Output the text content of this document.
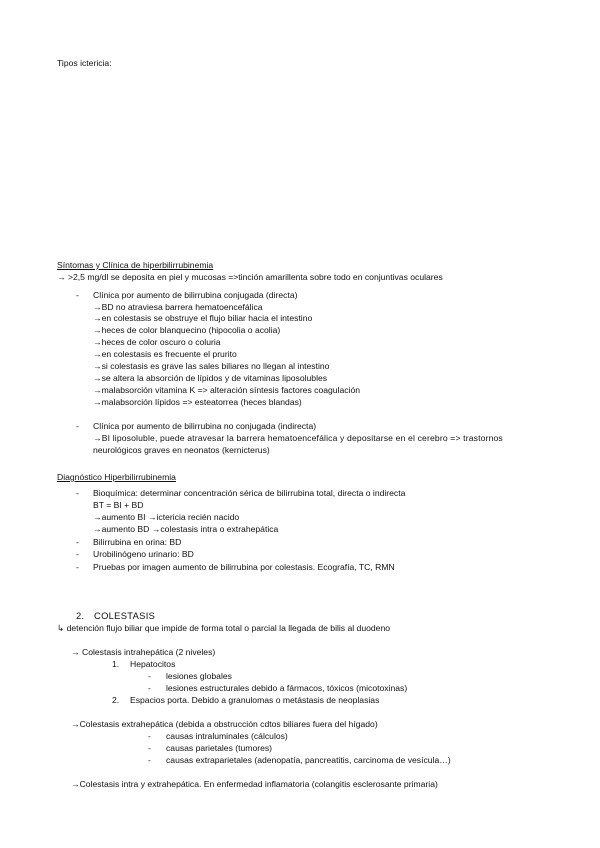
Tipos ictericia:
Síntomas y Clínica de hiperbilirrubinemia
→ >2,5 mg/dl se deposita en piel y mucosas =>tinción amarillenta sobre todo en conjuntivas oculares
- Clínica por aumento de bilirrubina conjugada (directa)
→BD no atraviesa barrera hematoencefálica
→en colestasis se obstruye el flujo biliar hacia el intestino
→heces de color blanquecino (hipocolia o acolia)
→heces de color oscuro o coluria
→en colestasis es frecuente el prurito
→si colestasis es grave las sales biliares no llegan al intestino
→se altera la absorción de lípidos y de vitaminas liposolubles
→malabsorción vitamina K => alteración síntesis factores coagulación
→malabsorción lípidos => esteatorrea (heces blandas)
- Clínica por aumento de bilirrubina no conjugada (indirecta)
→BI liposoluble, puede atravesar la barrera hematoencefálica y depositarse en el cerebro => trastornos
neurológicos graves en neonatos (kernicterus)
Diagnóstico Hiperbilirrubinemia
- Bioquímica: determinar concentración sérica de bilirrubina total, directa o indirecta
BT = BI + BD
→aumento BI →ictericia recién nacido
→aumento BD →colestasis intra o extrahepática
- Bilirrubina en orina: BD
- Urobilinógeno urinario: BD
- Pruebas por imagen aumento de bilirrubina por colestasis. Ecografía, TC, RMN
2. COLESTASIS
↳ detención flujo biliar que impide de forma total o parcial la llegada de bilis al duodeno
→ Colestasis intrahepática (2 niveles)
1. Hepatocitos
- lesiones globales
- lesiones estructurales debido a fármacos, tóxicos (micotoxinas)
2. Espacios porta. Debido a granulomas o metástasis de neoplasias
→Colestasis extrahepática (debida a obstrucción cdtos biliares fuera del hígado)
- causas intraluminales (cálculos)
- causas parietales (tumores)
- causas extraparietales (adenopatía, pancreatitis, carcinoma de vesícula…)
→Colestasis intra y extrahepática. En enfermedad inflamatoria (colangitis esclerosante primaria)
